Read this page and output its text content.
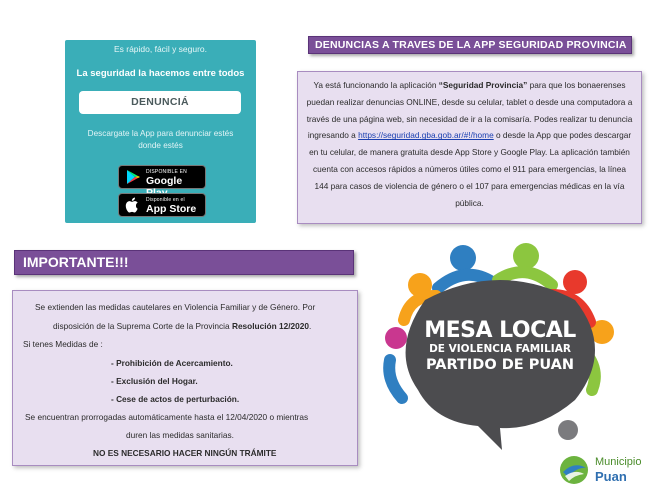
Es rápido, fácil y seguro.
La seguridad la hacemos entre todos
DENUNCIÁ
Descargate la App para denunciar estés donde estés
DISPONIBLE EN
Google
Disponible en el
App Store
DENUNCIAS A TRAVES DE LA APP SEGURIDAD PROVINCIA

Ya está funcionando la aplicación “Seguridad Provincia” para que los bonaerenses puedan realizar denuncias ONLINE, desde su celular, tablet o desde una computadora a través de una página web, sin necesidad de ir a la comisaría. Podes realizar tu denuncia ingresando a https://seguridad.gba.gob.ar/#!/home o desde la App que podes descargar en tu celular, de manera gratuita desde App Store y Google Play. La aplicación también cuenta con accesos rápidos a números útiles como el 911 para emergencias, la línea 144 para casos de violencia de género o el 107 para emergencias médicas en la vía pública.

IMPORTANTE!!!
Se extienden las medidas cautelares en Violencia Familiar y de Género. Por
disposición de la Suprema Corte de la Provincia Resolución 12/2020.
Si tenes Medidas de :
- Prohibición de Acercamiento.
- Exclusión del Hogar.
- Cese de actos de perturbación.
Se encuentran prorrogadas automáticamente hasta el 12/04/2020 o mientras
duren las medidas sanitarias.
NO ES NECESARIO HACER NINGÚN TRÁMITE
MESA LOCAL
DE VIOLENCIA FAMILIAR
PARTIDO DE PUAN
Municipio
Puan
